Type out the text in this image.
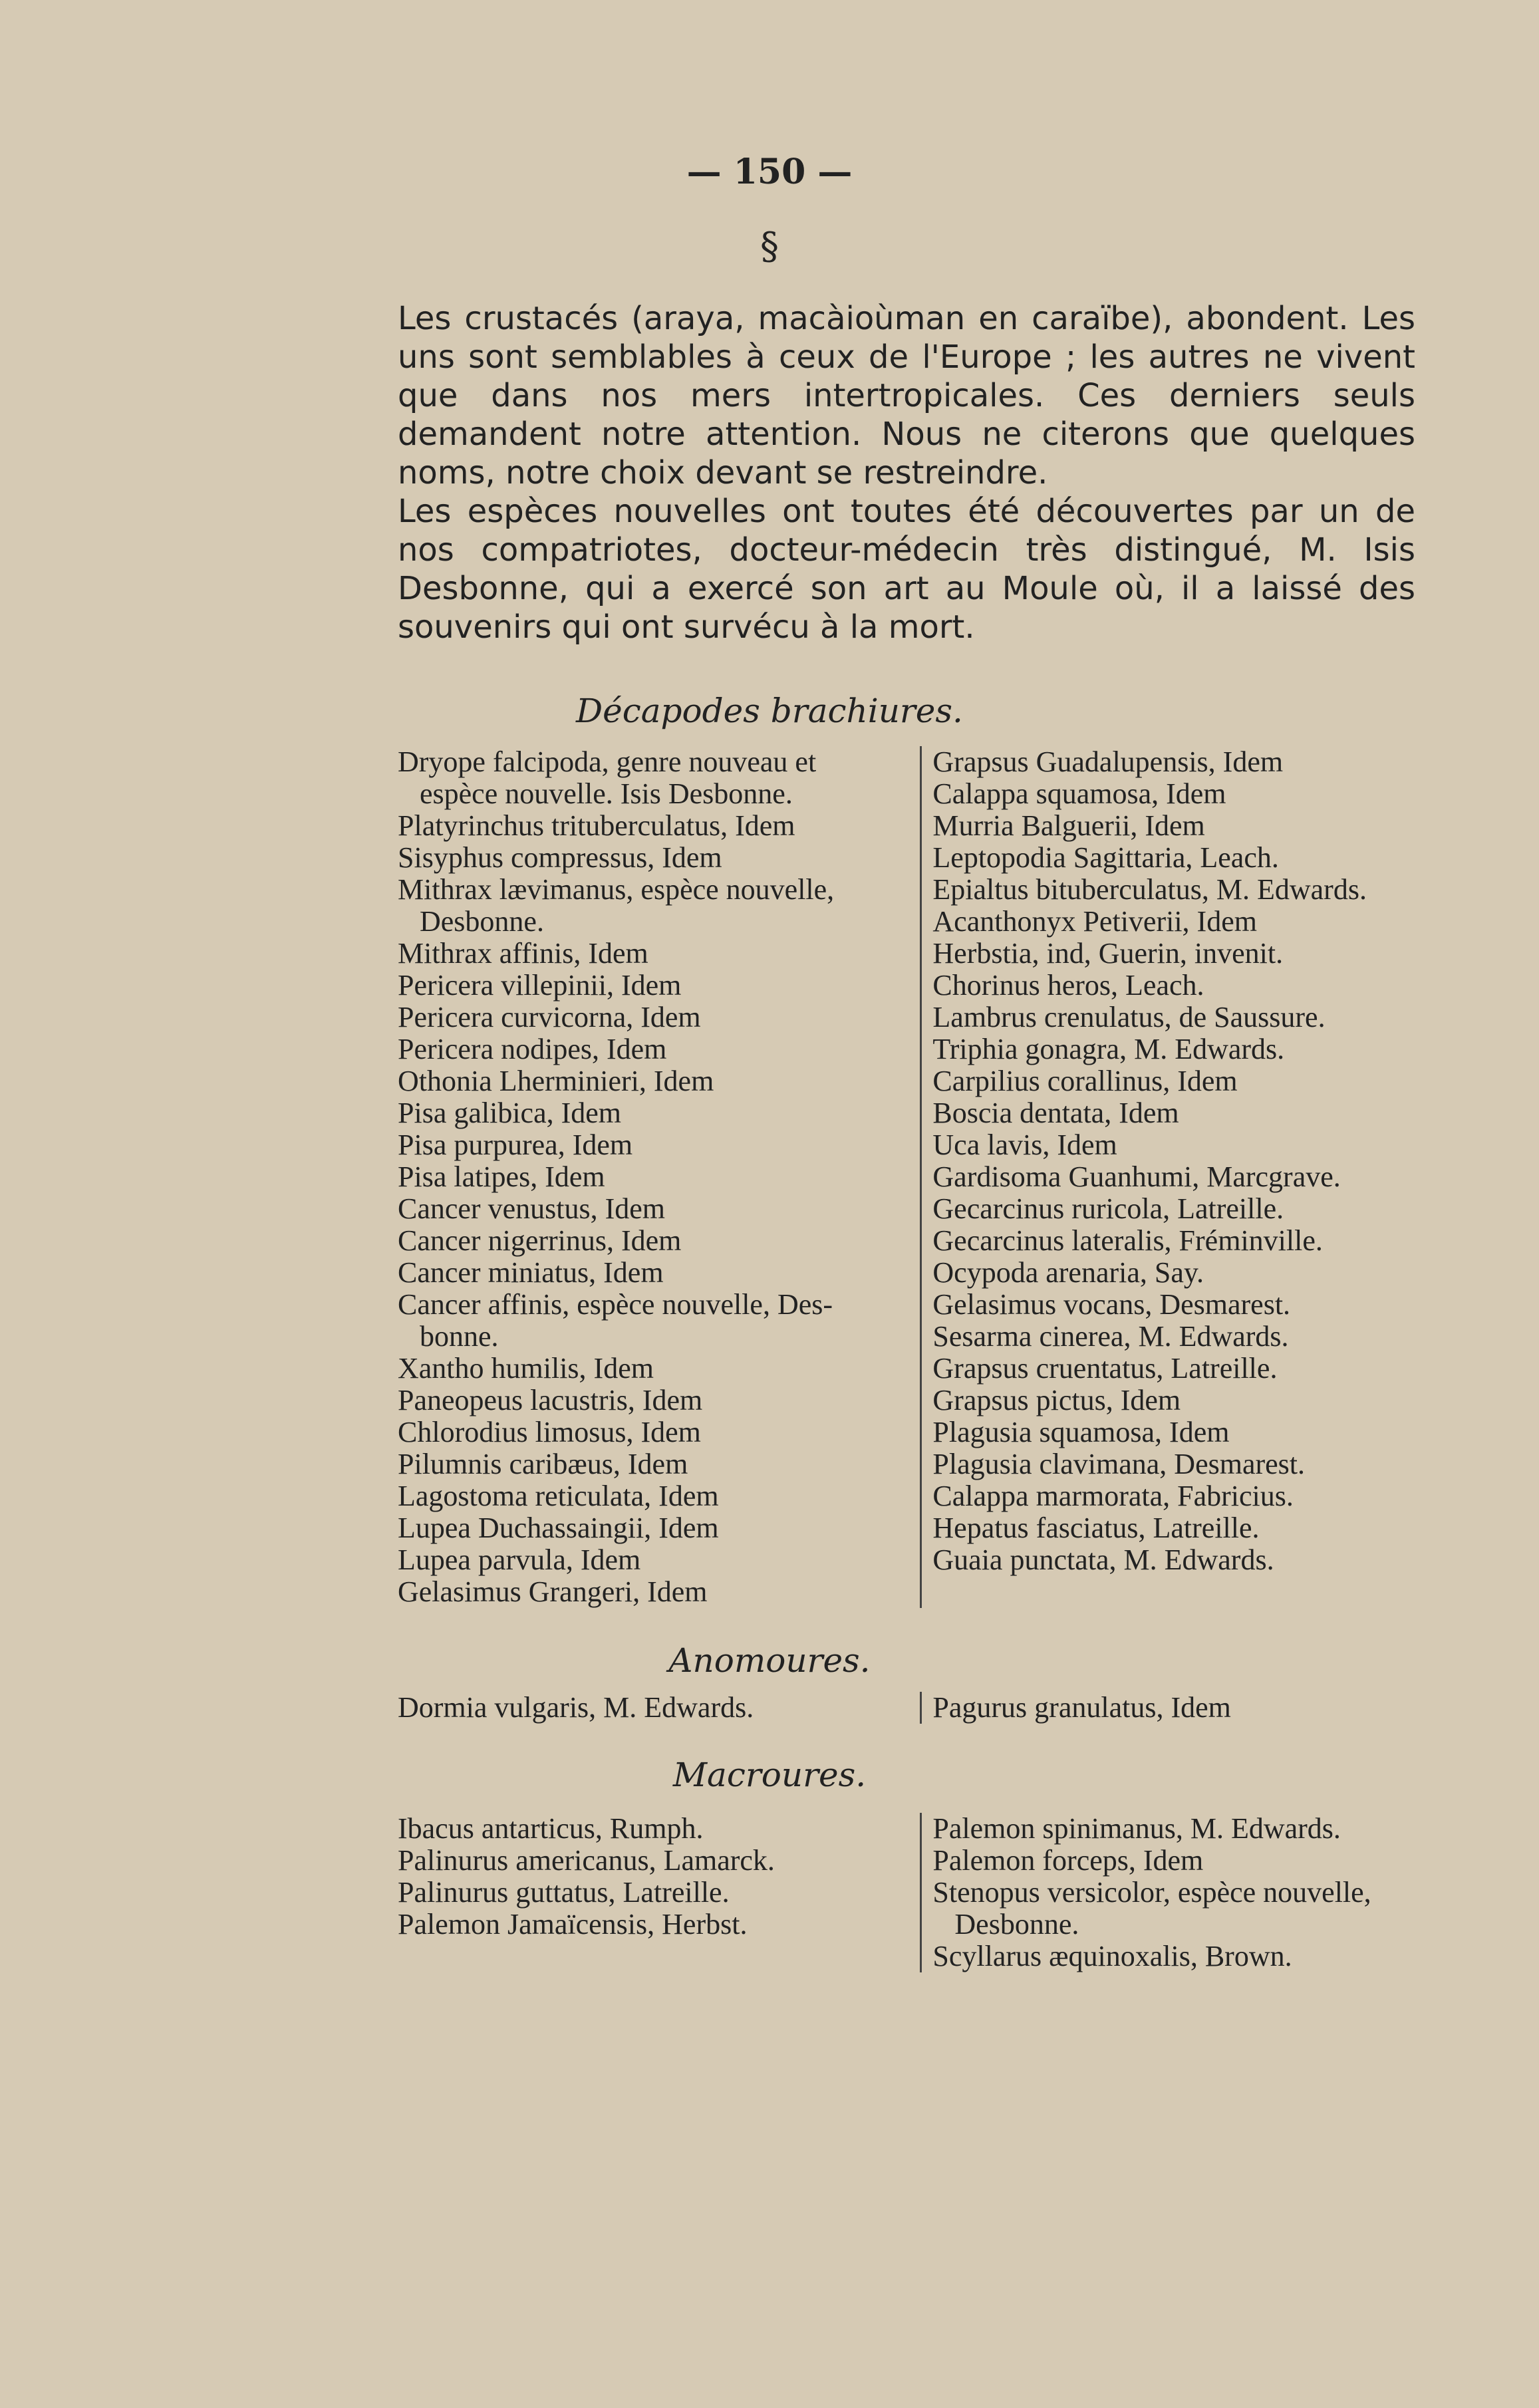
— 150 —
§

Les crustacés (araya, macàioùman en caraïbe), abondent. Les uns sont semblables à ceux de l'Europe ; les autres ne vivent que dans nos mers intertropicales. Ces derniers seuls demandent notre attention. Nous ne citerons que quelques noms, notre choix devant se restreindre.

Les espèces nouvelles ont toutes été découvertes par un de nos compatriotes, docteur-médecin très distingué, M. Isis Desbonne, qui a exercé son art au Moule où, il a laissé des souvenirs qui ont survécu à la mort.

Décapodes brachiures.
Dryope falcipoda, genre nouveau et
espèce nouvelle. Isis Desbonne.
Platyrinchus trituberculatus, Idem
Sisyphus compressus, Idem
Mithrax lævimanus, espèce nouvelle,
Desbonne.
Mithrax affinis, Idem
Pericera villepinii, Idem
Pericera curvicorna, Idem
Pericera nodipes, Idem
Othonia Lherminieri, Idem
Pisa galibica, Idem
Pisa purpurea, Idem
Pisa latipes, Idem
Cancer venustus, Idem
Cancer nigerrinus, Idem
Cancer miniatus, Idem
Cancer affinis, espèce nouvelle, Des-
bonne.
Xantho humilis, Idem
Paneopeus lacustris, Idem
Chlorodius limosus, Idem
Pilumnis caribæus, Idem
Lagostoma reticulata, Idem
Lupea Duchassaingii, Idem
Lupea parvula, Idem
Gelasimus Grangeri, Idem
Grapsus Guadalupensis, Idem
Calappa squamosa, Idem
Murria Balguerii, Idem
Leptopodia Sagittaria, Leach.
Epialtus bituberculatus, M. Edwards.
Acanthonyx Petiverii, Idem
Herbstia, ind, Guerin, invenit.
Chorinus heros, Leach.
Lambrus crenulatus, de Saussure.
Triphia gonagra, M. Edwards.
Carpilius corallinus, Idem
Boscia dentata, Idem
Uca lavis, Idem
Gardisoma Guanhumi, Marcgrave.
Gecarcinus ruricola, Latreille.
Gecarcinus lateralis, Fréminville.
Ocypoda arenaria, Say.
Gelasimus vocans, Desmarest.
Sesarma cinerea, M. Edwards.
Grapsus cruentatus, Latreille.
Grapsus pictus, Idem
Plagusia squamosa, Idem
Plagusia clavimana, Desmarest.
Calappa marmorata, Fabricius.
Hepatus fasciatus, Latreille.
Guaia punctata, M. Edwards.
Anomoures.
Dormia vulgaris, M. Edwards.	Pagurus granulatus, Idem
Macroures.
Ibacus antarticus, Rumph.
Palinurus americanus, Lamarck.
Palinurus guttatus, Latreille.
Palemon Jamaïcensis, Herbst.
Palemon spinimanus, M. Edwards.
Palemon forceps, Idem
Stenopus versicolor, espèce nouvelle,
Desbonne.
Scyllarus æquinoxalis, Brown.
